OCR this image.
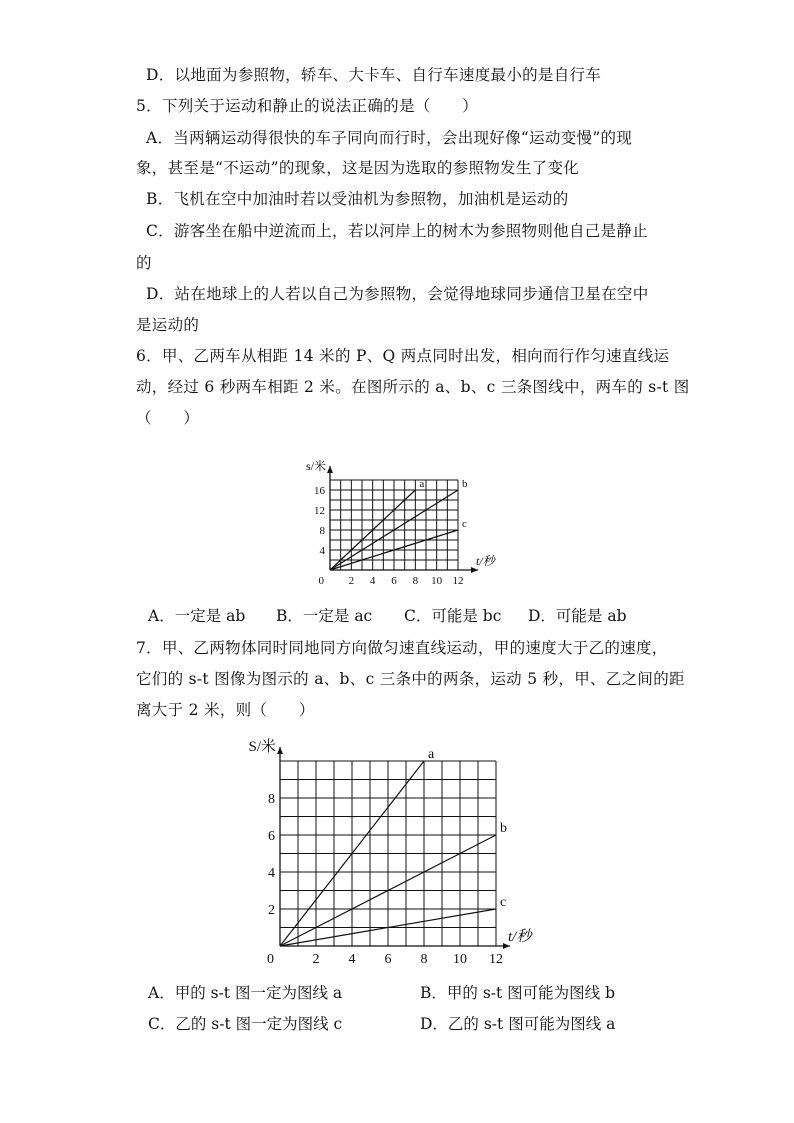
D．以地面为参照物，轿车、大卡车、自行车速度最小的是自行车
5．下列关于运动和静止的说法正确的是（　　）
A．当两辆运动得很快的车子同向而行时，会出现好像“运动变慢”的现
象，甚至是“不运动”的现象，这是因为选取的参照物发生了变化
B．飞机在空中加油时若以受油机为参照物，加油机是运动的
C．游客坐在船中逆流而上，若以河岸上的树木为参照物则他自己是静止
的
D．站在地球上的人若以自己为参照物，会觉得地球同步通信卫星在空中
是运动的
6．甲、乙两车从相距 14 米的 P、Q 两点同时出发，相向而行作匀速直线运
动，经过 6 秒两车相距 2 米。在图所示的 a、b、c 三条图线中，两车的 s-t 图
（　　）
2 4 6 8 10 12
4
8
12
16
0
t/秒
s/米
a	b
c
A．一定是 ab B．一定是 ac C．可能是 bc D．可能是 ab
7．甲、乙两物体同时同地同方向做匀速直线运动，甲的速度大于乙的速度，
它们的 s-t 图像为图示的 a、b、c 三条中的两条，运动 5 秒，甲、乙之间的距
离大于 2 米，则（　　）
2 4 6 8 10 12
2
4
6
8
0
t/秒
S/米	a
b
c
A．甲的 s-t 图一定为图线 a	B．甲的 s-t 图可能为图线 b
C．乙的 s-t 图一定为图线 c	D．乙的 s-t 图可能为图线 a
